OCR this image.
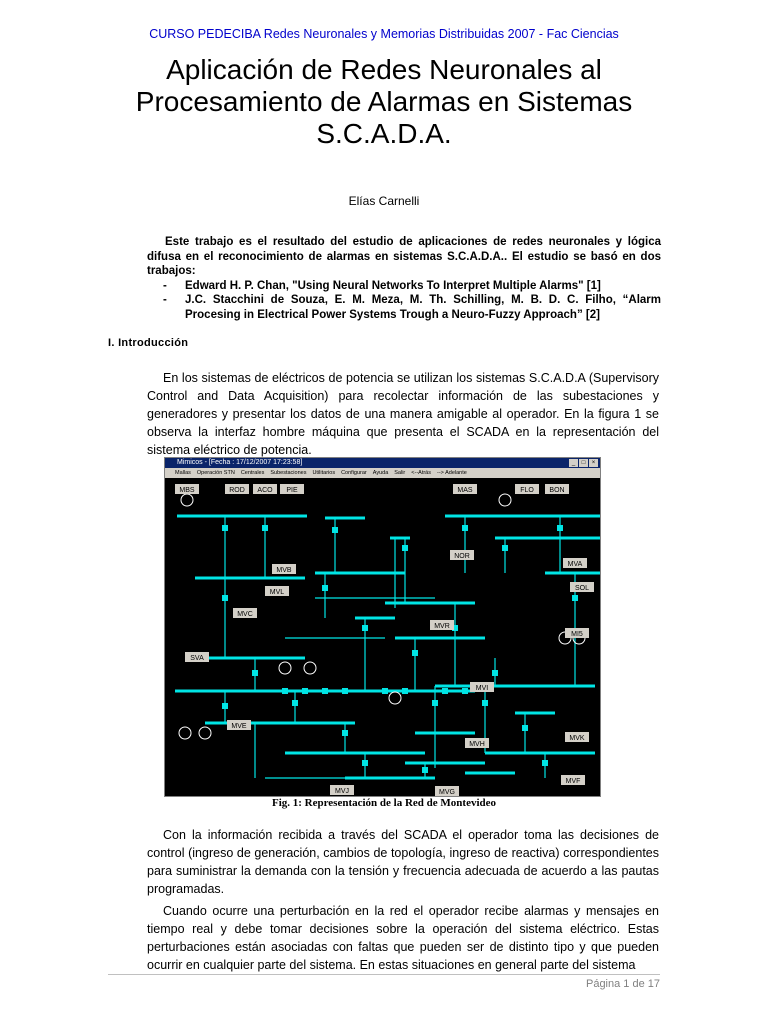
CURSO PEDECIBA Redes Neuronales y Memorias Distribuidas 2007 - Fac Ciencias
Aplicación de Redes Neuronales al
Procesamiento de Alarmas en Sistemas
S.C.A.D.A.
Elías Carnelli

Este trabajo es el resultado del estudio de aplicaciones de redes neuronales y lógica difusa en el reconocimiento de alarmas en sistemas S.C.A.D.A.. El estudio se basó en dos trabajos:

- Edward H. P. Chan, "Using Neural Networks To Interpret Multiple Alarms" [1]
- J.C. Stacchini de Souza, E. M. Meza, M. Th. Schilling, M. B. D. C. Filho, “Alarm Procesing in Electrical Power Systems Trough a Neuro-Fuzzy Approach” [2]
I. Introducción

En los sistemas de eléctricos de potencia se utilizan los sistemas S.C.A.D.A (Supervisory Control and Data Acquisition) para recolectar información de las subestaciones y generadores y presentar los datos de una manera amigable al operador. En la figura 1 se observa la interfaz hombre máquina que presenta el SCADA en la representación del sistema eléctrico de potencia.

Mimicos - [Fecha : 17/12/2007 17:23:58]	_	□	×
Mallas Operación STN Centrales Subestaciones Utilitarios Configurar Ayuda Salir <--Atrás --> Adelante
MBS	ROD ACO PIE	MAS	FLO BON
MVB
NOR
MVA
MVL
SOL
MVC
MVR
MI5
SVA
MVI
MVE
MVH
MVK
MVJ	MVG
MVF
Fig. 1: Representación de la Red de Montevideo

Con la información recibida a través del SCADA el operador toma las decisiones de control (ingreso de generación, cambios de topología, ingreso de reactiva) correspondientes para suministrar la demanda con la tensión y frecuencia adecuada de acuerdo a las pautas programadas.

Cuando ocurre una perturbación en la red el operador recibe alarmas y mensajes en tiempo real y debe tomar decisiones sobre la operación del sistema eléctrico. Estas perturbaciones están asociadas con faltas que pueden ser de distinto tipo y que pueden ocurrir en cualquier parte del sistema. En estas situaciones en general parte del sistema

Página 1 de 17
